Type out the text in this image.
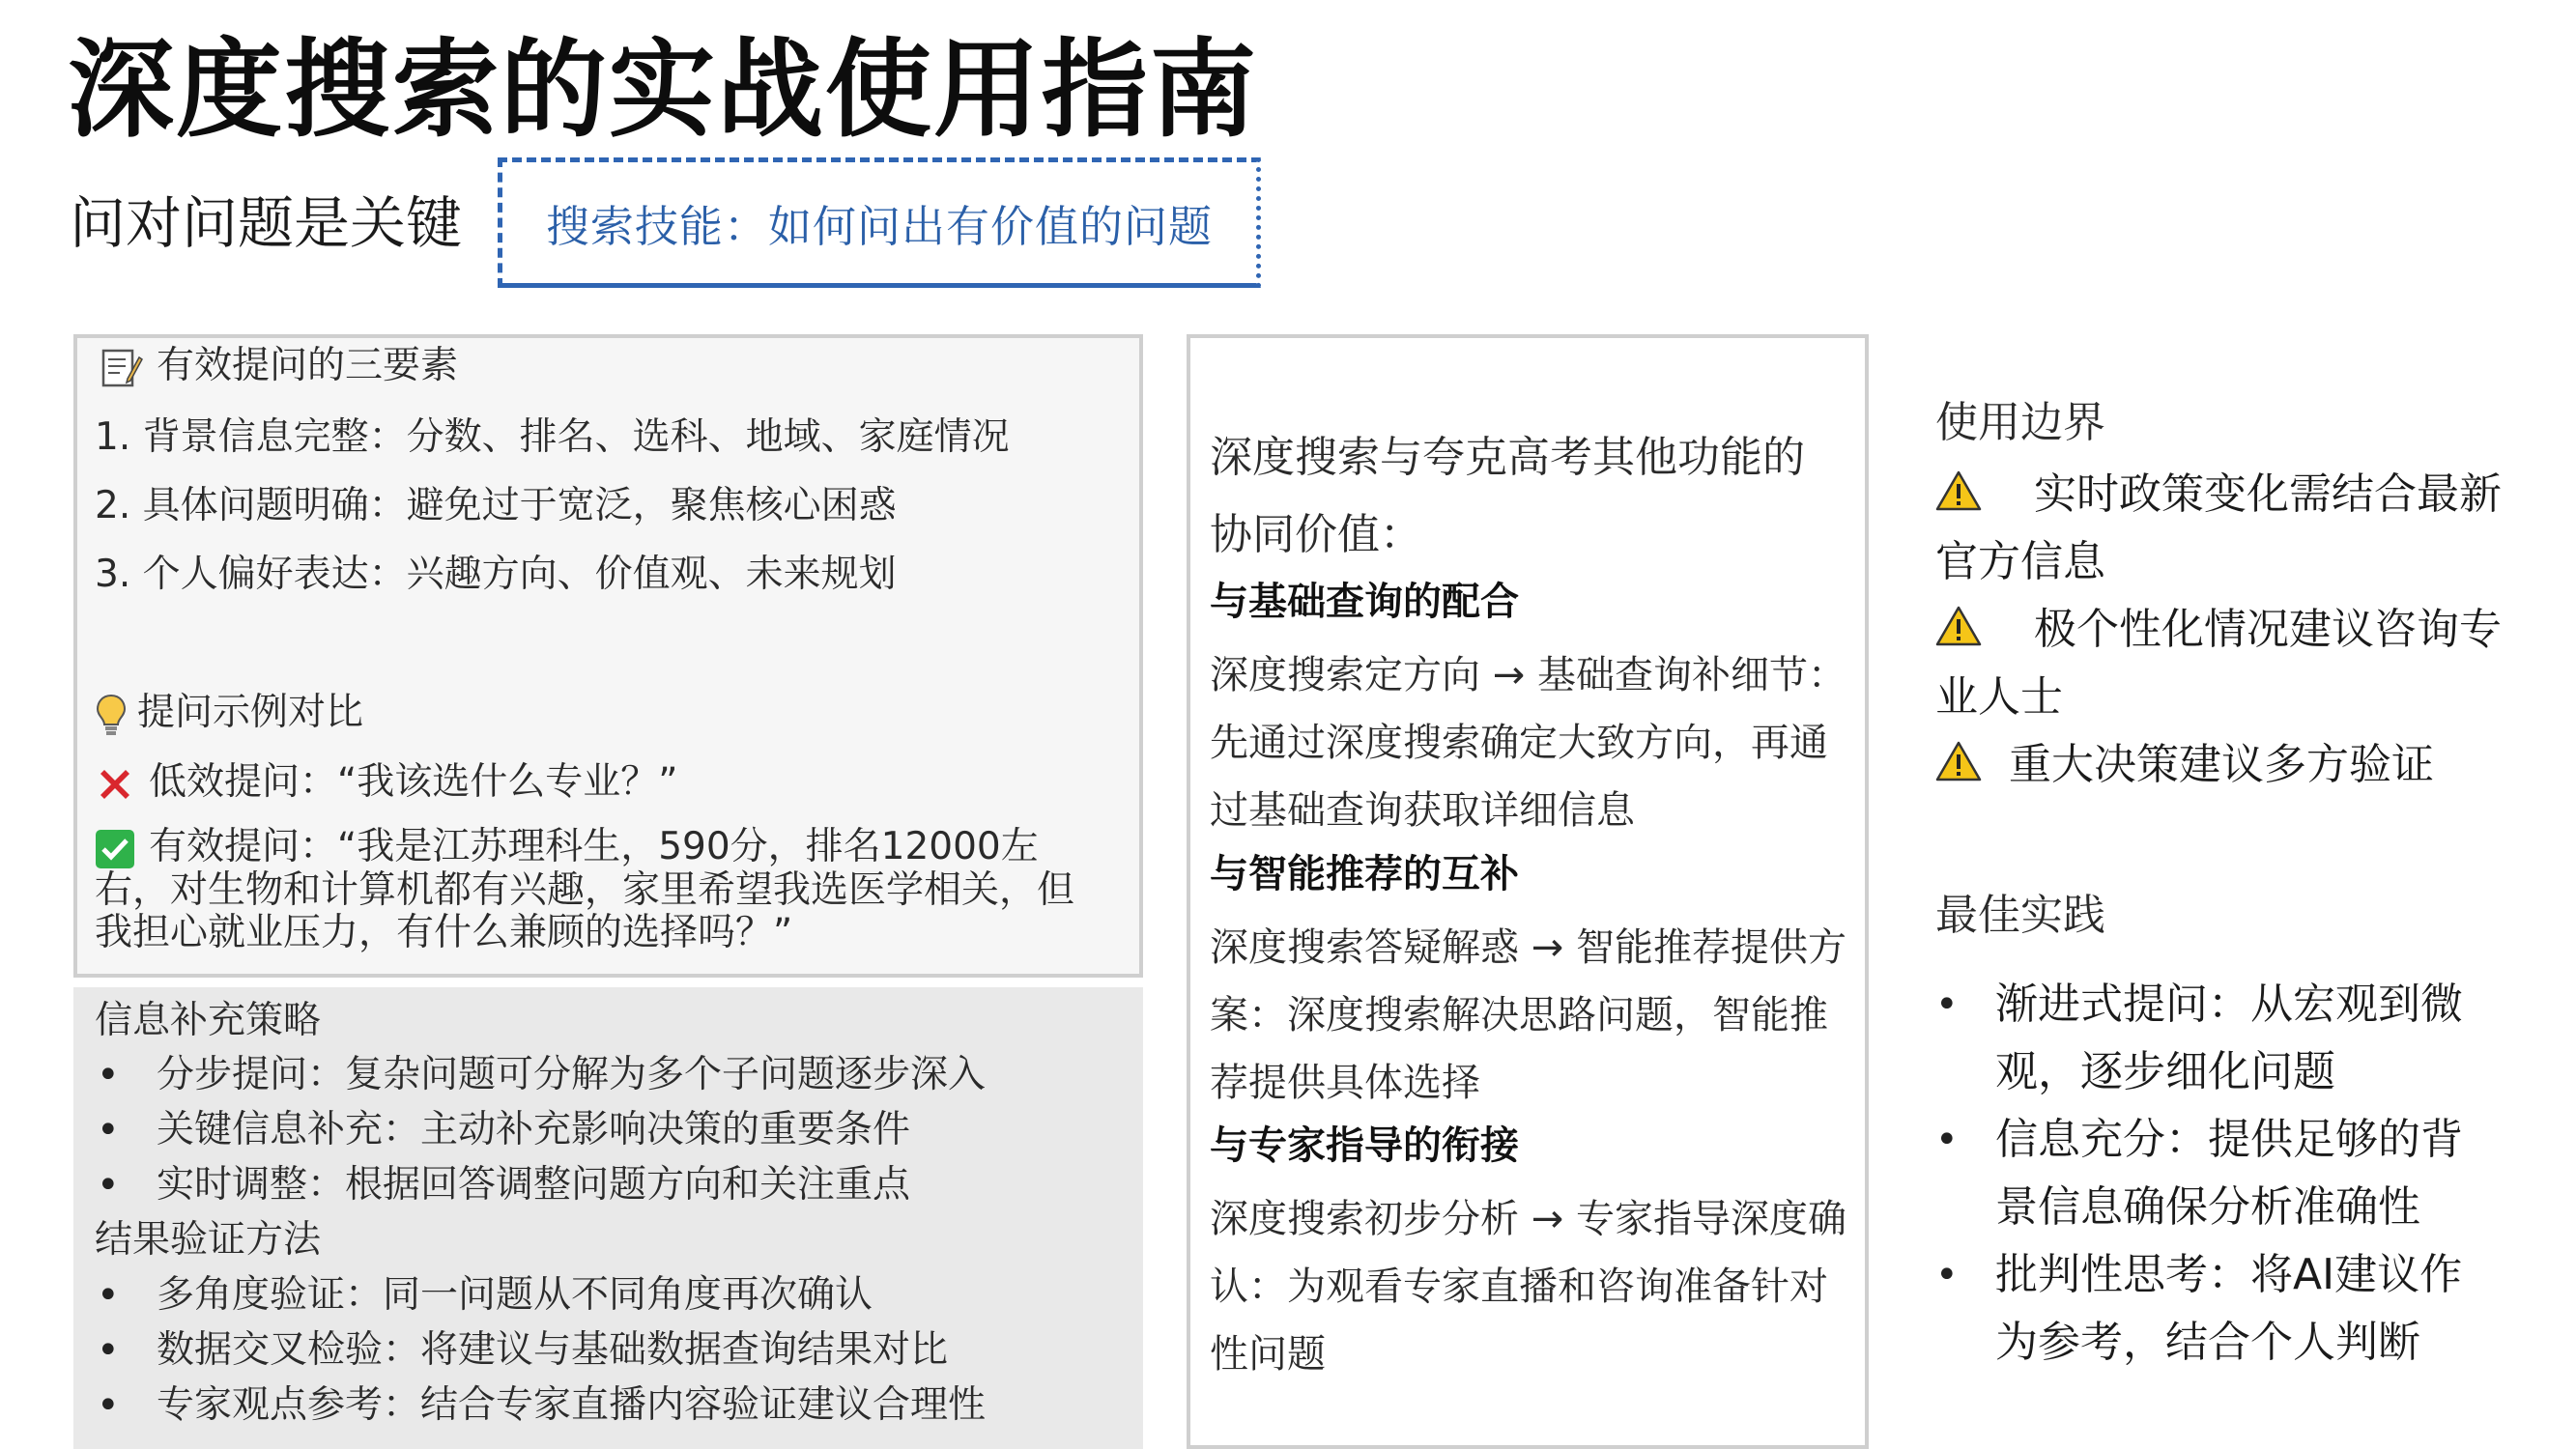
深度搜索的实战使用指南
问对问题是关键	搜索技能：如何问出有价值的问题
有效提问的三要素
1. 背景信息完整：分数、排名、选科、地域、家庭情况
2. 具体问题明确：避免过于宽泛，聚焦核心困惑
3. 个人偏好表达：兴趣方向、价值观、未来规划
提问示例对比
低效提问：“我该选什么专业？”
有效提问：“我是江苏理科生，590分，排名12000左右，对生物和计算机都有兴趣，家里希望我选医学相关，但我担心就业压力，有什么兼顾的选择吗？”
信息补充策略
• 分步提问：复杂问题可分解为多个子问题逐步深入
• 关键信息补充：主动补充影响决策的重要条件
• 实时调整：根据回答调整问题方向和关注重点
结果验证方法
• 多角度验证：同一问题从不同角度再次确认
• 数据交叉检验：将建议与基础数据查询结果对比
• 专家观点参考：结合专家直播内容验证建议合理性
深度搜索与夸克高考其他功能的协同价值：
与基础查询的配合
深度搜索定方向 → 基础查询补细节：先通过深度搜索确定大致方向，再通过基础查询获取详细信息
与智能推荐的互补
深度搜索答疑解惑 → 智能推荐提供方案：深度搜索解决思路问题，智能推荐提供具体选择
与专家指导的衔接
深度搜索初步分析 → 专家指导深度确认：为观看专家直播和咨询准备针对性问题
使用边界
实时政策变化需结合最新官方信息
极个性化情况建议咨询专业人士
重大决策建议多方验证
最佳实践
• 渐进式提问：从宏观到微观，逐步细化问题
• 信息充分：提供足够的背景信息确保分析准确性
• 批判性思考：将AI建议作为参考，结合个人判断
